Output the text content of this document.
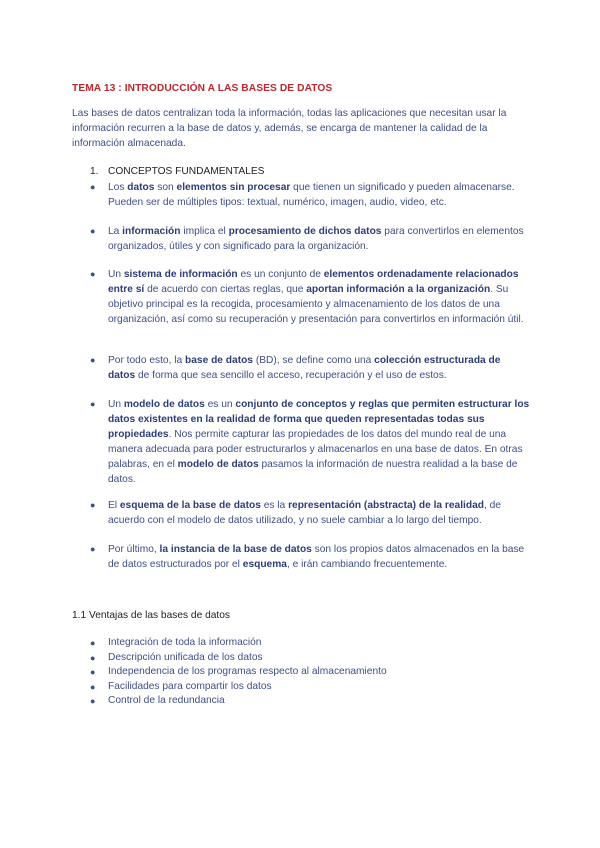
TEMA 13 : INTRODUCCIÓN A LAS BASES DE DATOS
Las bases de datos centralizan toda la información, todas las aplicaciones que necesitan usar la información recurren a la base de datos y, además, se encarga de mantener la calidad de la información almacenada.
1. CONCEPTOS FUNDAMENTALES
●	Los datos son elementos sin procesar que tienen un significado y pueden almacenarse. Pueden ser de múltiples tipos: textual, numérico, imagen, audio, video, etc.
●	La información implica el procesamiento de dichos datos para convertirlos en elementos organizados, útiles y con significado para la organización.
●	Un sistema de información es un conjunto de elementos ordenadamente relacionados entre sí de acuerdo con ciertas reglas, que aportan información a la organización. Su objetivo principal es la recogida, procesamiento y almacenamiento de los datos de una organización, así como su recuperación y presentación para convertirlos en información útil.
●	Por todo esto, la base de datos (BD), se define como una colección estructurada de datos de forma que sea sencillo el acceso, recuperación y el uso de estos.
●	Un modelo de datos es un conjunto de conceptos y reglas que permiten estructurar los datos existentes en la realidad de forma que queden representadas todas sus propiedades. Nos permite capturar las propiedades de los datos del mundo real de una manera adecuada para poder estructurarlos y almacenarlos en una base de datos. En otras palabras, en el modelo de datos pasamos la información de nuestra realidad a la base de datos.
●	El esquema de la base de datos es la representación (abstracta) de la realidad, de acuerdo con el modelo de datos utilizado, y no suele cambiar a lo largo del tiempo.
●	Por último, la instancia de la base de datos son los propios datos almacenados en la base de datos estructurados por el esquema, e irán cambiando frecuentemente.
1.1 Ventajas de las bases de datos
●	Integración de toda la información
●	Descripción unificada de los datos
●	Independencia de los programas respecto al almacenamiento
●	Facilidades para compartir los datos
●	Control de la redundancia
